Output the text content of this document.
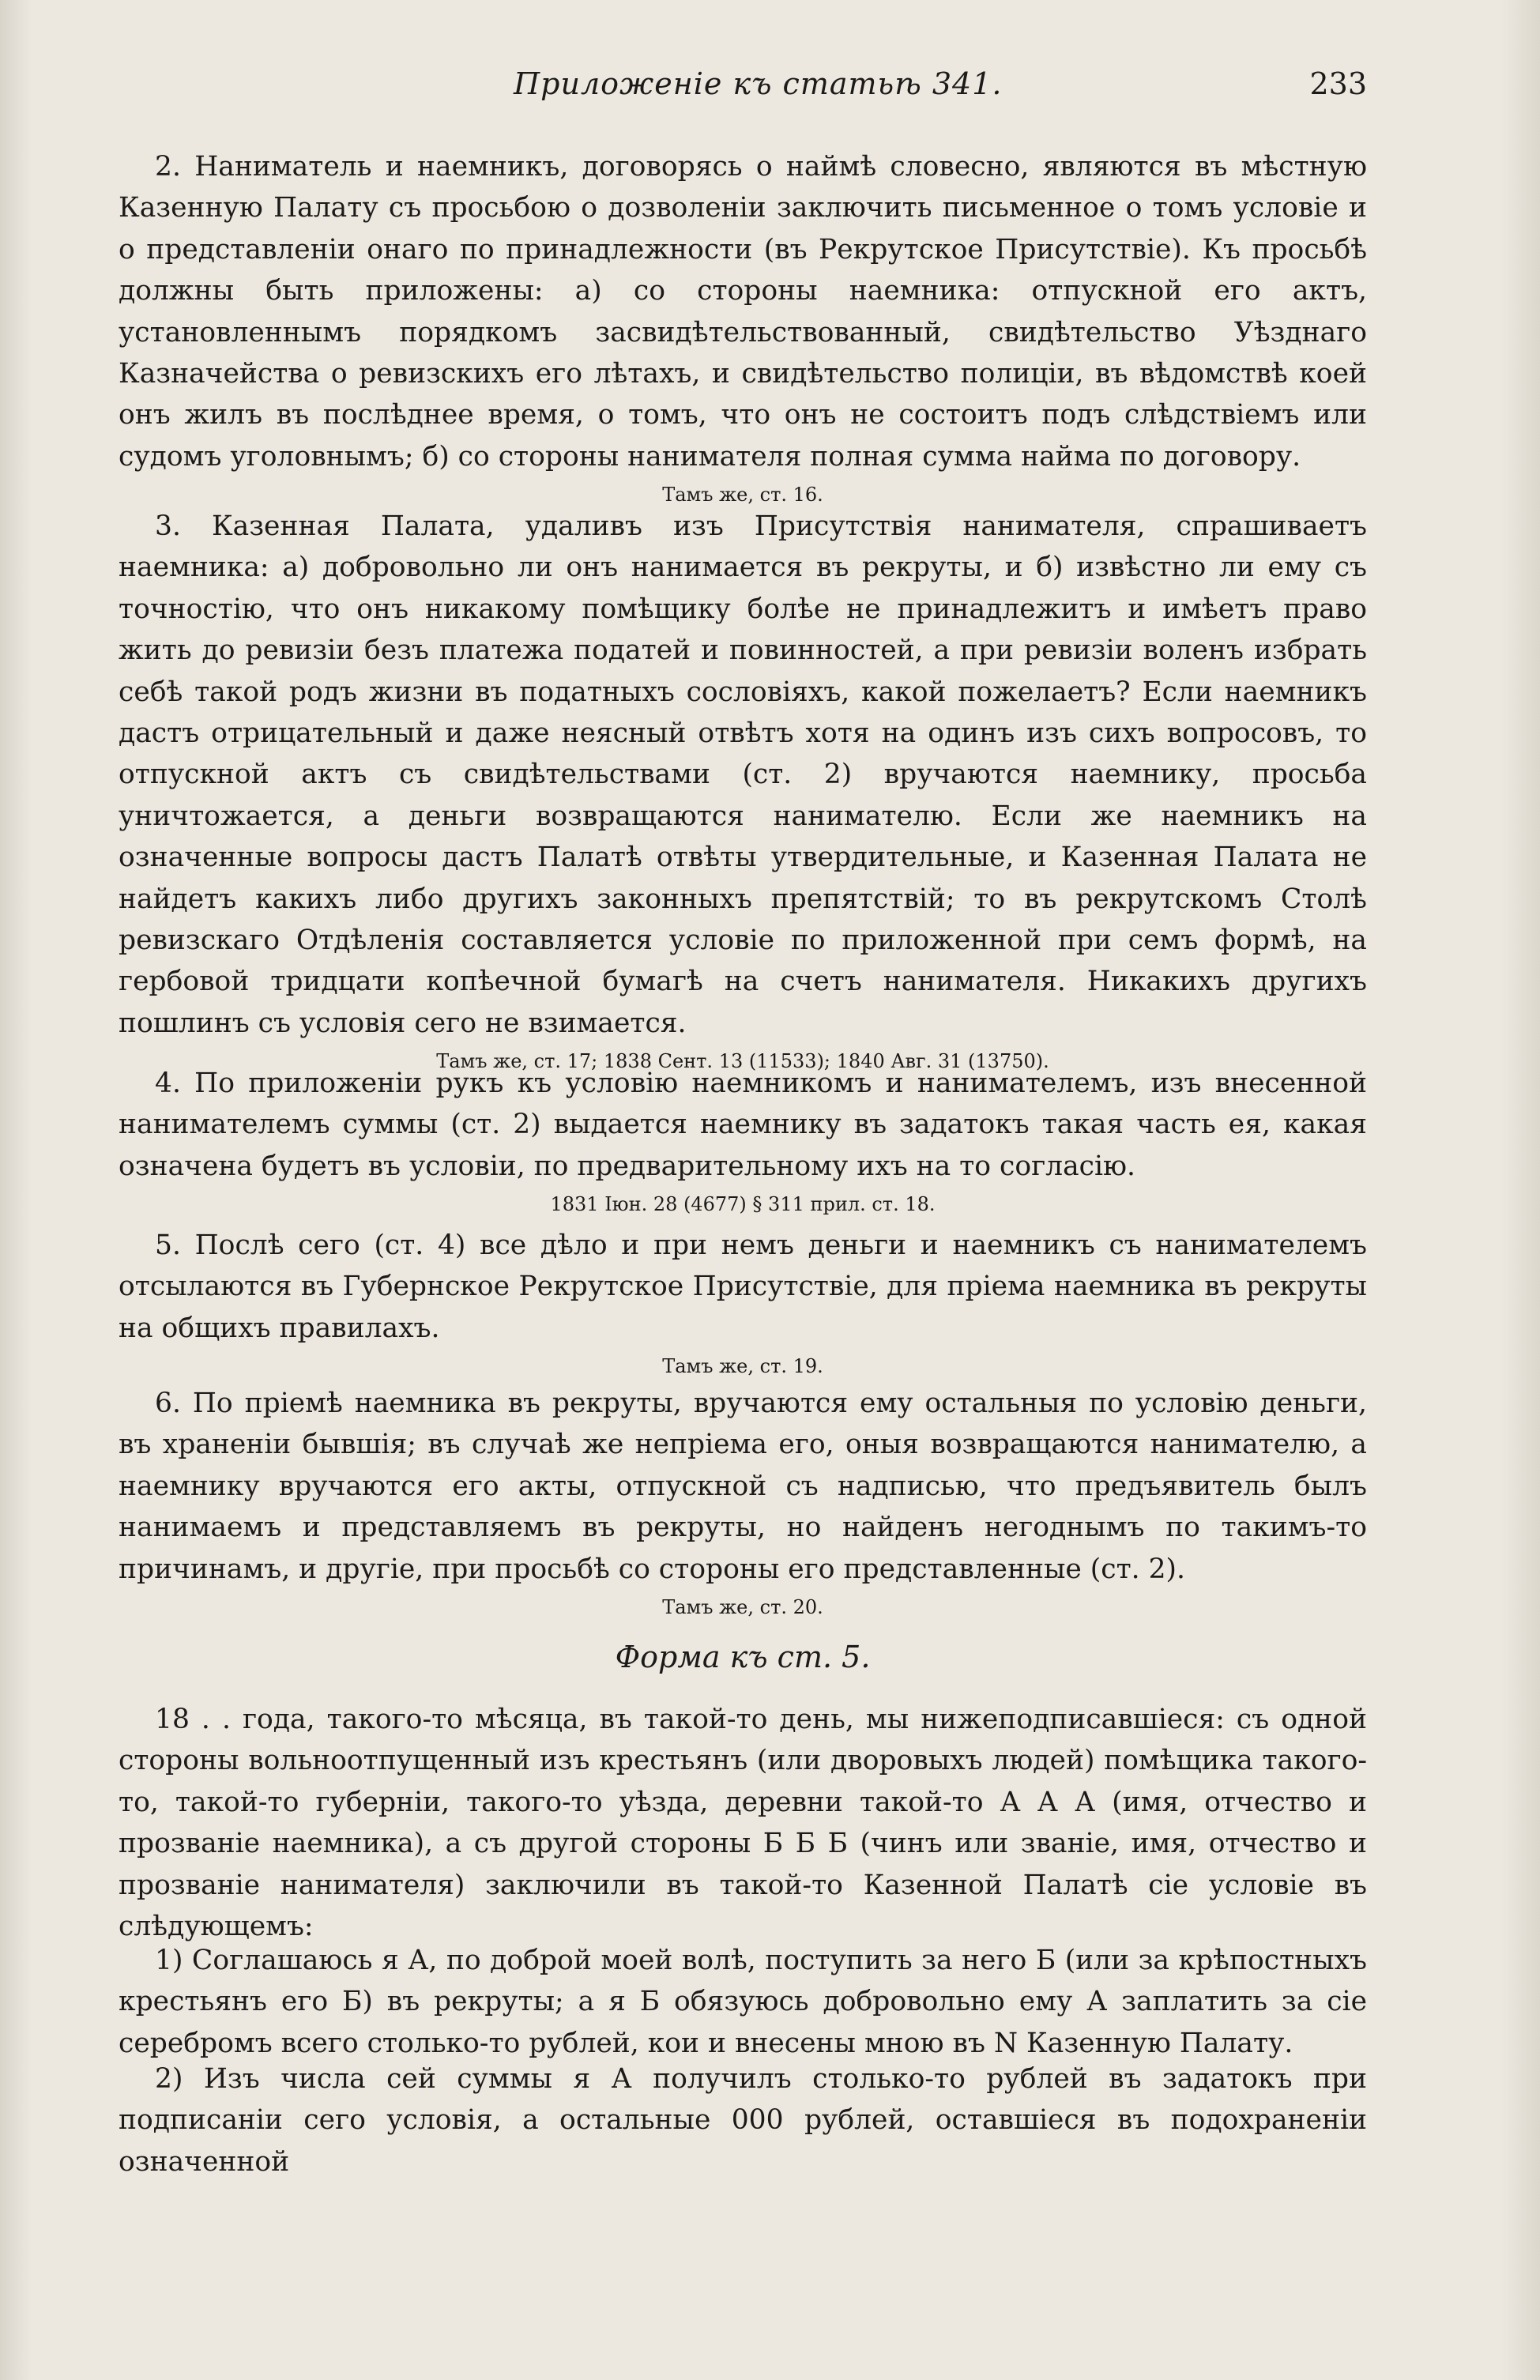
Приложеніе къ статьѣ 341.	233

2. Наниматель и наемникъ, договорясь о наймѣ словесно, являются въ мѣстную Казенную Палату съ просьбою о дозволеніи заключить письменное о томъ условіе и о представленіи онаго по принадлежности (въ Рекрутское Присутствіе). Къ просьбѣ должны быть приложены: а) со стороны наемника: отпускной его актъ, установленнымъ порядкомъ засвидѣтельствованный, свидѣтельство Уѣзднаго Казначейства о ревизскихъ его лѣтахъ, и свидѣтельство полиціи, въ вѣдомствѣ коей онъ жилъ въ послѣднее время, о томъ, что онъ не состоитъ подъ слѣдствіемъ или судомъ уголовнымъ; б) со стороны нанимателя полная сумма найма по договору.

Тамъ же, ст. 16.

3. Казенная Палата, удаливъ изъ Присутствія нанимателя, спрашиваетъ наемника: а) добровольно ли онъ нанимается въ рекруты, и б) извѣстно ли ему съ точностію, что онъ никакому помѣщику болѣе не принадлежитъ и имѣетъ право жить до ревизіи безъ платежа податей и повинностей, а при ревизіи воленъ избрать себѣ такой родъ жизни въ податныхъ сословіяхъ, какой пожелаетъ? Если наемникъ дастъ отрицательный и даже неясный отвѣтъ хотя на одинъ изъ сихъ вопросовъ, то отпускной актъ съ свидѣтельствами (ст. 2) вручаются наемнику, просьба уничтожается, а деньги возвращаются нанимателю. Если же наемникъ на означенные вопросы дастъ Палатѣ отвѣты утвердительные, и Казенная Палата не найдетъ какихъ либо другихъ законныхъ препятствій; то въ рекрутскомъ Столѣ ревизскаго Отдѣленія составляется условіе по приложенной при семъ формѣ, на гербовой тридцати копѣечной бумагѣ на счетъ нанимателя. Никакихъ другихъ пошлинъ съ условія сего не взимается.

Тамъ же, ст. 17; 1838 Сент. 13 (11533); 1840 Авг. 31 (13750).

4. По приложеніи рукъ къ условію наемникомъ и нанимателемъ, изъ внесенной нанимателемъ суммы (ст. 2) выдается наемнику въ задатокъ такая часть ея, какая означена будетъ въ условіи, по предварительному ихъ на то согласію.

1831 Іюн. 28 (4677) § 311 прил. ст. 18.

5. Послѣ сего (ст. 4) все дѣло и при немъ деньги и наемникъ съ нанимателемъ отсылаются въ Губернское Рекрутское Присутствіе, для пріема наемника въ рекруты на общихъ правилахъ.

Тамъ же, ст. 19.

6. По пріемѣ наемника въ рекруты, вручаются ему остальныя по условію деньги, въ храненіи бывшія; въ случаѣ же непріема его, оныя возвращаются нанимателю, а наемнику вручаются его акты, отпускной съ надписью, что предъявитель былъ нанимаемъ и представляемъ въ рекруты, но найденъ негоднымъ по такимъ-то причинамъ, и другіе, при просьбѣ со стороны его представленные (ст. 2).

Тамъ же, ст. 20.

Форма къ ст. 5.

18 . . года, такого-то мѣсяца, въ такой-то день, мы нижеподписавшіеся: съ одной стороны вольноотпущенный изъ крестьянъ (или дворовыхъ людей) помѣщика такого-то, такой-то губерніи, такого-то уѣзда, деревни такой-то А А А (имя, отчество и прозваніе наемника), а съ другой стороны Б Б Б (чинъ или званіе, имя, отчество и прозваніе нанимателя) заключили въ такой-то Казенной Палатѣ сіе условіе въ слѣдующемъ:

1) Соглашаюсь я А, по доброй моей волѣ, поступить за него Б (или за крѣпостныхъ крестьянъ его Б) въ рекруты; а я Б обязуюсь добровольно ему А заплатить за сіе серебромъ всего столько-то рублей, кои и внесены мною въ N Казенную Палату.

2) Изъ числа сей суммы я А получилъ столько-то рублей въ задатокъ при подписаніи сего условія, а остальные 000 рублей, оставшіеся въ подохраненіи означенной
